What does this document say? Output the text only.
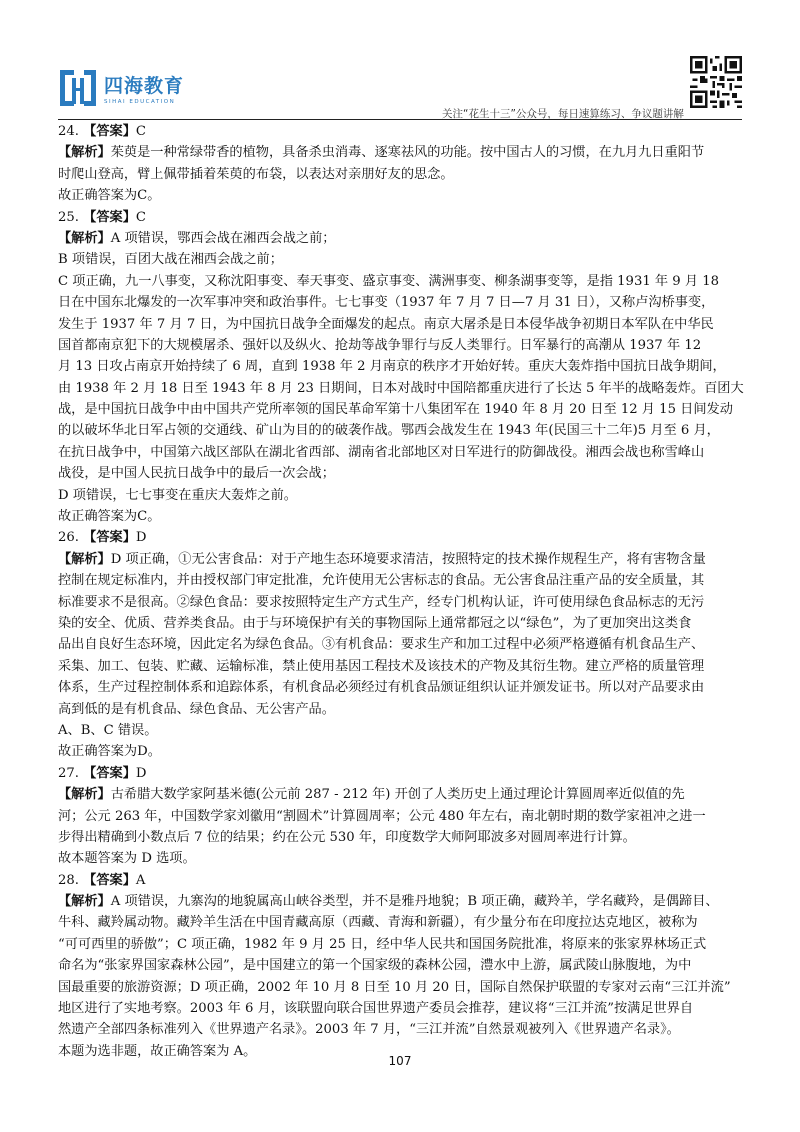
四海教育
SIHAI EDUCATION
关注“花生十三”公众号，每日速算练习、争议题讲解
24. 【答案】C
【解析】茱萸是一种常绿带香的植物，具备杀虫消毒、逐寒祛风的功能。按中国古人的习惯，在九月九日重阳节
时爬山登高，臂上佩带插着茱萸的布袋，以表达对亲朋好友的思念。
故正确答案为C。
25. 【答案】C
【解析】A 项错误，鄂西会战在湘西会战之前；
B 项错误，百团大战在湘西会战之前；
C 项正确，九一八事变，又称沈阳事变、奉天事变、盛京事变、满洲事变、柳条湖事变等，是指 1931 年 9 月 18
日在中国东北爆发的一次军事冲突和政治事件。七七事变（1937 年 7 月 7 日—7 月 31 日），又称卢沟桥事变，
发生于 1937 年 7 月 7 日，为中国抗日战争全面爆发的起点。南京大屠杀是日本侵华战争初期日本军队在中华民
国首都南京犯下的大规模屠杀、强奸以及纵火、抢劫等战争罪行与反人类罪行。日军暴行的高潮从 1937 年 12
月 13 日攻占南京开始持续了 6 周，直到 1938 年 2 月南京的秩序才开始好转。重庆大轰炸指中国抗日战争期间，
由 1938 年 2 月 18 日至 1943 年 8 月 23 日期间，日本对战时中国陪都重庆进行了长达 5 年半的战略轰炸。百团大
战，是中国抗日战争中由中国共产党所率领的国民革命军第十八集团军在 1940 年 8 月 20 日至 12 月 15 日间发动
的以破坏华北日军占领的交通线、矿山为目的的破袭作战。鄂西会战发生在 1943 年(民国三十二年)5 月至 6 月，
在抗日战争中，中国第六战区部队在湖北省西部、湖南省北部地区对日军进行的防御战役。湘西会战也称雪峰山
战役，是中国人民抗日战争中的最后一次会战；
D 项错误，七七事变在重庆大轰炸之前。
故正确答案为C。
26. 【答案】D
【解析】D 项正确，①无公害食品：对于产地生态环境要求清洁，按照特定的技术操作规程生产，将有害物含量
控制在规定标准内，并由授权部门审定批准，允许使用无公害标志的食品。无公害食品注重产品的安全质量，其
标准要求不是很高。②绿色食品：要求按照特定生产方式生产，经专门机构认证，许可使用绿色食品标志的无污
染的安全、优质、营养类食品。由于与环境保护有关的事物国际上通常都冠之以“绿色”，为了更加突出这类食
品出自良好生态环境，因此定名为绿色食品。③有机食品：要求生产和加工过程中必须严格遵循有机食品生产、
采集、加工、包装、贮藏、运输标准，禁止使用基因工程技术及该技术的产物及其衍生物。建立严格的质量管理
体系，生产过程控制体系和追踪体系，有机食品必须经过有机食品颁证组织认证并颁发证书。所以对产品要求由
高到低的是有机食品、绿色食品、无公害产品。
A、B、C 错误。
故正确答案为D。
27. 【答案】D
【解析】古希腊大数学家阿基米德(公元前 287 - 212 年) 开创了人类历史上通过理论计算圆周率近似值的先
河；公元 263 年，中国数学家刘徽用“割圆术”计算圆周率；公元 480 年左右，南北朝时期的数学家祖冲之进一
步得出精确到小数点后 7 位的结果；约在公元 530 年，印度数学大师阿耶波多对圆周率进行计算。
故本题答案为 D 选项。
28. 【答案】A
【解析】A 项错误，九寨沟的地貌属高山峡谷类型，并不是雅丹地貌；B 项正确，藏羚羊，学名藏羚，是偶蹄目、
牛科、藏羚属动物。藏羚羊生活在中国青藏高原（西藏、青海和新疆），有少量分布在印度拉达克地区，被称为
“可可西里的骄傲”；C 项正确，1982 年 9 月 25 日，经中华人民共和国国务院批准，将原来的张家界林场正式
命名为“张家界国家森林公园”，是中国建立的第一个国家级的森林公园，澧水中上游，属武陵山脉腹地，为中
国最重要的旅游资源；D 项正确，2002 年 10 月 8 日至 10 月 20 日，国际自然保护联盟的专家对云南“三江并流”
地区进行了实地考察。2003 年 6 月，该联盟向联合国世界遗产委员会推荐，建议将“三江并流”按满足世界自
然遗产全部四条标准列入《世界遗产名录》。2003 年 7 月，“三江并流”自然景观被列入《世界遗产名录》。
本题为选非题，故正确答案为 A。
107
